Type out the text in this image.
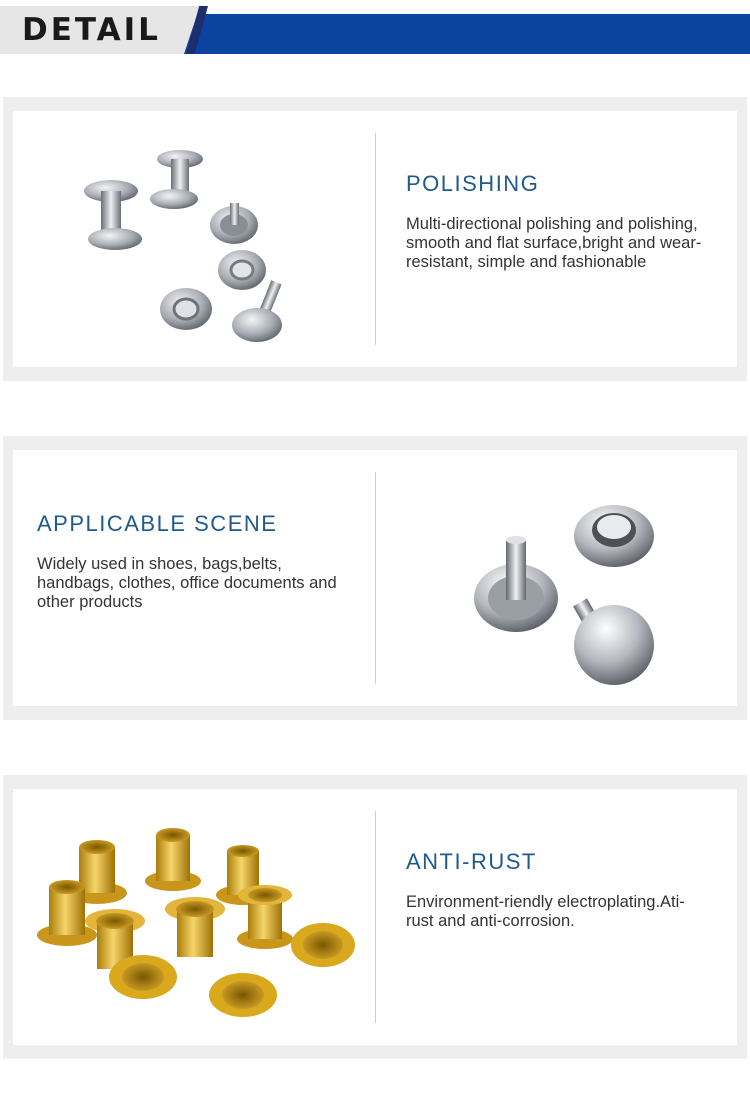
DETAIL
POLISHING

Multi-directional polishing and polishing, smooth and flat surface,bright and wear-resistant, simple and fashionable

APPLICABLE SCENE

Widely used in shoes, bags,belts, handbags, clothes, office documents and other products

ANTI-RUST

Environment-riendly electroplating.Ati-rust and anti-corrosion.
